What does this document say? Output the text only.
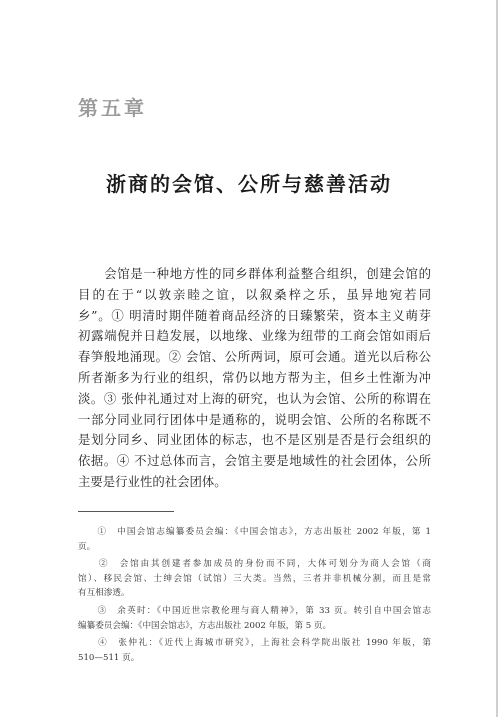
第五章
浙商的会馆、公所与慈善活动
　　会馆是一种地方性的同乡群体利益整合组织，创建会馆的
目的在于“以敦亲睦之谊，以叙桑梓之乐，虽异地宛若同
乡”。① 明清时期伴随着商品经济的日臻繁荣，资本主义萌芽
初露端倪并日趋发展，以地缘、业缘为纽带的工商会馆如雨后
春笋般地涌现。② 会馆、公所两词，原可会通。道光以后称公
所者渐多为行业的组织，常仍以地方帮为主，但乡土性渐为冲
淡。③ 张仲礼通过对上海的研究，也认为会馆、公所的称谓在
一部分同业同行团体中是通称的，说明会馆、公所的名称既不
是划分同乡、同业团体的标志，也不是区别是否是行会组织的
依据。④ 不过总体而言，会馆主要是地域性的社会团体，公所
主要是行业性的社会团体。
　　①　中国会馆志编纂委员会编：《中国会馆志》，方志出版社 2002 年版，第 1
页。
　　②　会馆由其创建者参加成员的身份而不同，大体可划分为商人会馆（商
馆）、移民会馆、士绅会馆（试馆）三大类。当然，三者并非机械分割，而且是常
有互相渗透。
　　③　余英时：《中国近世宗教伦理与商人精神》，第 33 页。转引自中国会馆志
编纂委员会编：《中国会馆志》，方志出版社 2002 年版，第 5 页。
　　④　张仲礼：《近代上海城市研究》，上海社会科学院出版社 1990 年版，第
510—511 页。
